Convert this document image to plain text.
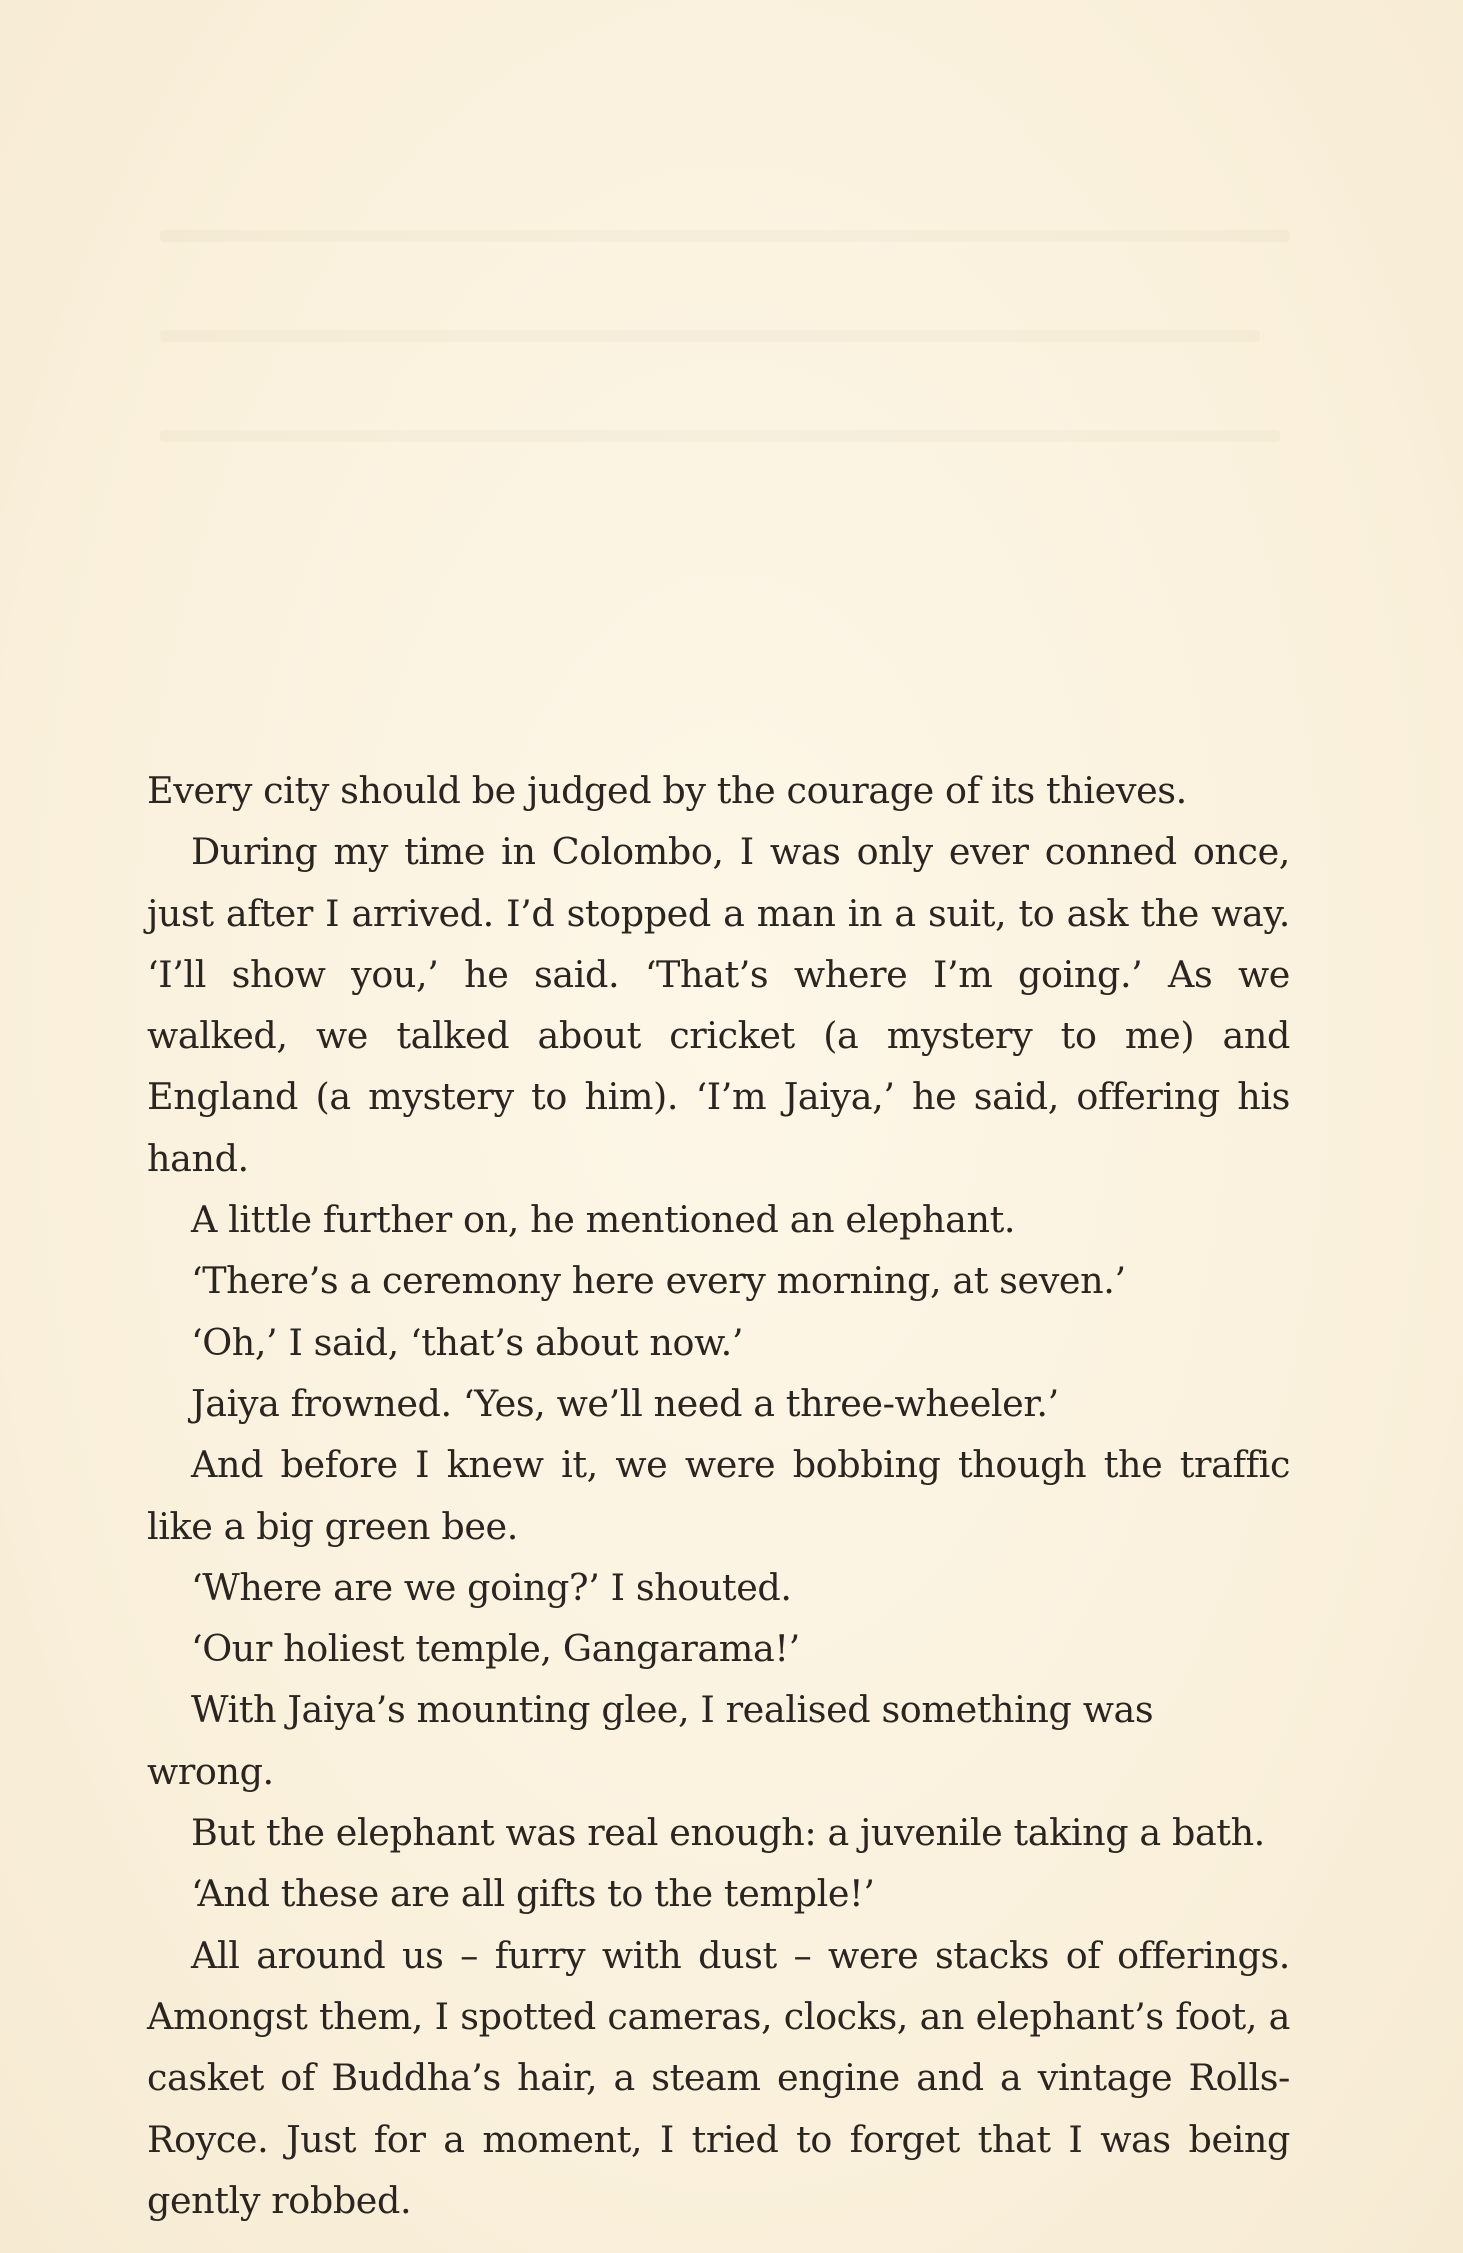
Every city should be judged by the courage of its thieves.

During my time in Colombo, I was only ever conned once, just after I arrived. I’d stopped a man in a suit, to ask the way. ‘I’ll show you,’ he said. ‘That’s where I’m going.’ As we walked, we talked about cricket (a mystery to me) and England (a mystery to him). ‘I’m Jaiya,’ he said, offering his hand.

A little further on, he mentioned an elephant.

‘There’s a ceremony here every morning, at seven.’

‘Oh,’ I said, ‘that’s about now.’

Jaiya frowned. ‘Yes, we’ll need a three-wheeler.’

And before I knew it, we were bobbing though the traffic like a big green bee.

‘Where are we going?’ I shouted.

‘Our holiest temple, Gangarama!’

With Jaiya’s mounting glee, I realised something was wrong.

But the elephant was real enough: a juvenile taking a bath.

‘And these are all gifts to the temple!’

All around us – furry with dust – were stacks of offerings. Amongst them, I spotted cameras, clocks, an elephant’s foot, a casket of Buddha’s hair, a steam engine and a vintage Rolls-Royce. Just for a moment, I tried to forget that I was being gently robbed.
